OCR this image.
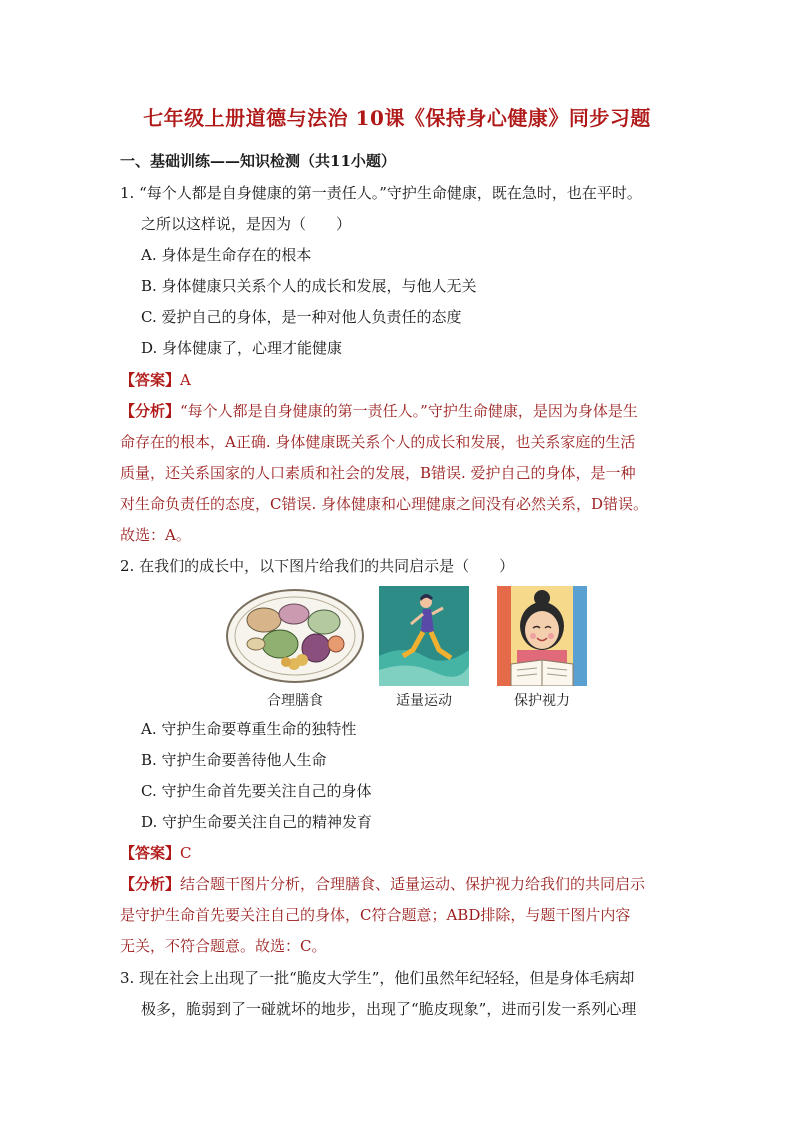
七年级上册道德与法治 10课《保持身心健康》同步习题
一、基础训练——知识检测（共11小题）
1. “每个人都是自身健康的第一责任人。”守护生命健康，既在急时，也在平时。
之所以这样说，是因为（　　）
A. 身体是生命存在的根本
B. 身体健康只关系个人的成长和发展，与他人无关
C. 爱护自己的身体，是一种对他人负责任的态度
D. 身体健康了，心理才能健康
【答案】A
【分析】“每个人都是自身健康的第一责任人。”守护生命健康，是因为身体是生
命存在的根本，A正确. 身体健康既关系个人的成长和发展，也关系家庭的生活
质量，还关系国家的人口素质和社会的发展，B错误. 爱护自己的身体，是一种
对生命负责任的态度，C错误. 身体健康和心理健康之间没有必然关系，D错误。
故选：A。
2. 在我们的成长中，以下图片给我们的共同启示是（　　）
合理膳食	适量运动	保护视力
A. 守护生命要尊重生命的独特性
B. 守护生命要善待他人生命
C. 守护生命首先要关注自己的身体
D. 守护生命要关注自己的精神发育
【答案】C
【分析】结合题干图片分析，合理膳食、适量运动、保护视力给我们的共同启示
是守护生命首先要关注自己的身体，C符合题意；ABD排除，与题干图片内容
无关，不符合题意。故选：C。
3. 现在社会上出现了一批“脆皮大学生”，他们虽然年纪轻轻，但是身体毛病却
极多，脆弱到了一碰就坏的地步，出现了“脆皮现象”，进而引发一系列心理
